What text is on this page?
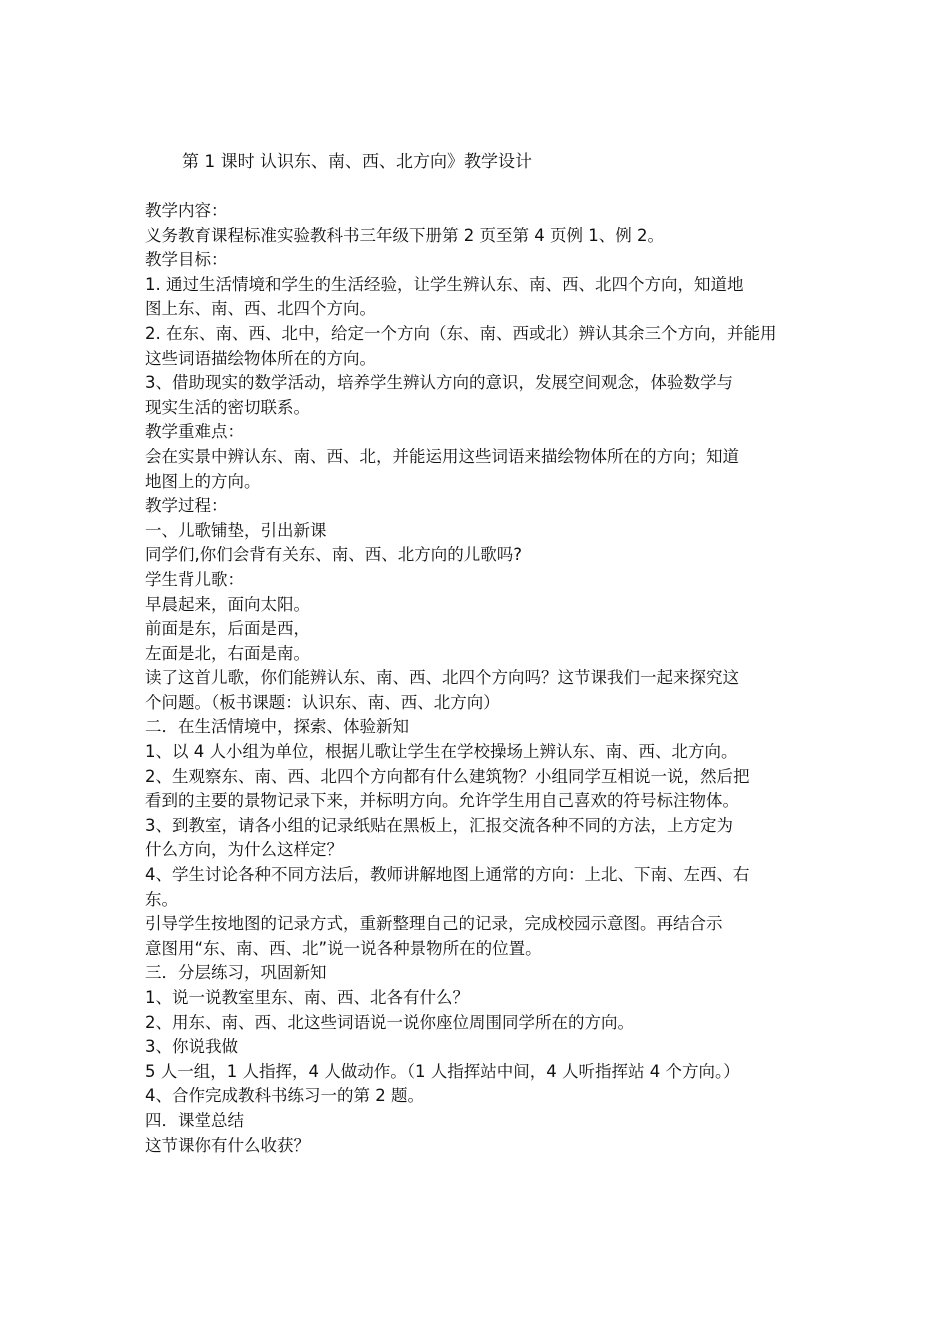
第 1 课时 认识东、南、西、北方向》教学设计
教学内容：
义务教育课程标准实验教科书三年级下册第 2 页至第 4 页例 1、例 2。
教学目标：
1. 通过生活情境和学生的生活经验，让学生辨认东、南、西、北四个方向，知道地
图上东、南、西、北四个方向。
2. 在东、南、西、北中，给定一个方向（东、南、西或北）辨认其余三个方向，并能用
这些词语描绘物体所在的方向。
3、借助现实的数学活动，培养学生辨认方向的意识，发展空间观念，体验数学与
现实生活的密切联系。
教学重难点：
会在实景中辨认东、南、西、北，并能运用这些词语来描绘物体所在的方向；知道
地图上的方向。
教学过程：
一、儿歌铺垫，引出新课
同学们,你们会背有关东、南、西、北方向的儿歌吗?
学生背儿歌：
早晨起来，面向太阳。
前面是东，后面是西，
左面是北，右面是南。
读了这首儿歌，你们能辨认东、南、西、北四个方向吗？这节课我们一起来探究这
个问题。（板书课题：认识东、南、西、北方向）
二．在生活情境中，探索、体验新知
1、以 4 人小组为单位，根据儿歌让学生在学校操场上辨认东、南、西、北方向。
2、生观察东、南、西、北四个方向都有什么建筑物？小组同学互相说一说，然后把
看到的主要的景物记录下来，并标明方向。允许学生用自己喜欢的符号标注物体。
3、到教室，请各小组的记录纸贴在黑板上，汇报交流各种不同的方法，上方定为
什么方向，为什么这样定？
4、学生讨论各种不同方法后，教师讲解地图上通常的方向：上北、下南、左西、右
东。
引导学生按地图的记录方式，重新整理自己的记录，完成校园示意图。再结合示
意图用“东、南、西、北”说一说各种景物所在的位置。
三．分层练习，巩固新知
1、说一说教室里东、南、西、北各有什么？
2、用东、南、西、北这些词语说一说你座位周围同学所在的方向。
3、你说我做
5 人一组，1 人指挥，4 人做动作。（1 人指挥站中间，4 人听指挥站 4 个方向。）
4、合作完成教科书练习一的第 2 题。
四．课堂总结
这节课你有什么收获？
